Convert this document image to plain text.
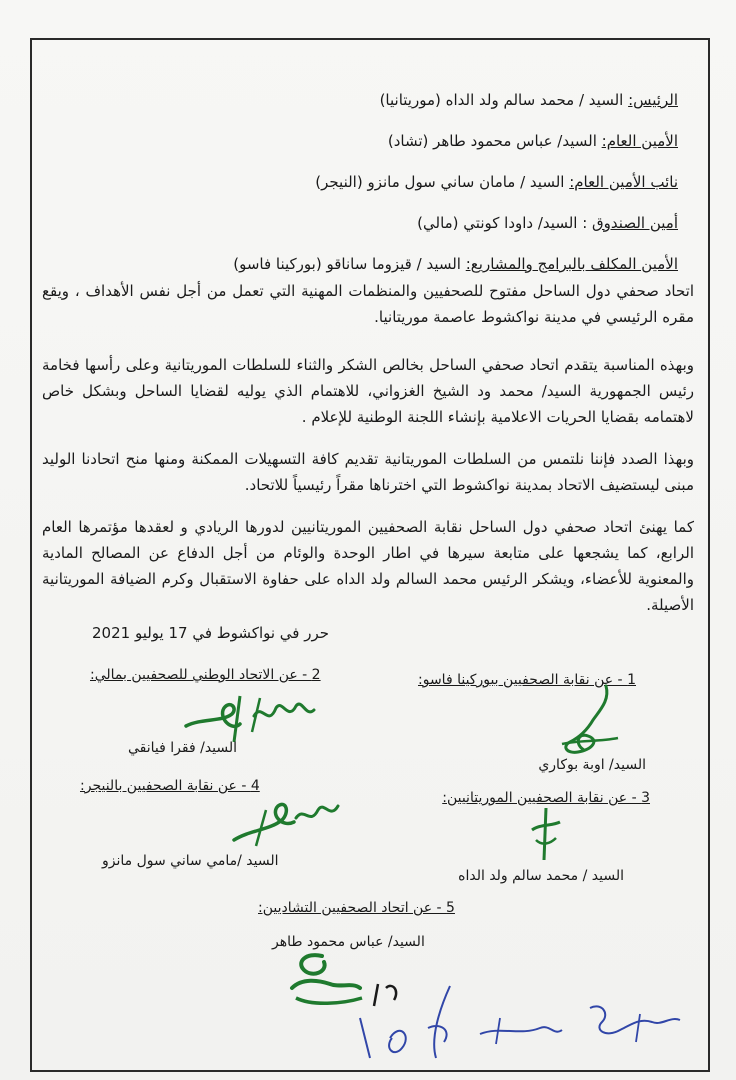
الرئيس: السيد / محمد سالم ولد الداه (موريتانيا)
الأمين العام: السيد/ عباس محمود طاهر (تشاد)
نائب الأمين العام: السيد / مامان ساني سول مانزو (النيجر)
أمين الصندوق : السيد/ داودا كونتي (مالي)
الأمين المكلف بالبرامج والمشاريع: السيد / قيزوما ساناقو (بوركينا فاسو)

اتحاد صحفي دول الساحل مفتوح للصحفيين والمنظمات المهنية التي تعمل من أجل نفس الأهداف ، ويقع مقره الرئيسي في مدينة نواكشوط عاصمة موريتانيا.

وبهذه المناسبة يتقدم اتحاد صحفي الساحل بخالص الشكر والثناء للسلطات الموريتانية وعلى رأسها فخامة رئيس الجمهورية السيد/ محمد ود الشيخ الغزواني، للاهتمام الذي يوليه لقضايا الساحل وبشكل خاص لاهتمامه بقضايا الحريات الاعلامية بإنشاء اللجنة الوطنية للإعلام .

وبهذا الصدد فإننا نلتمس من السلطات الموريتانية تقديم كافة التسهيلات الممكنة ومنها منح اتحادنا الوليد مبنى ليستضيف الاتحاد بمدينة نواكشوط التي اخترناها مقراً رئيسياً للاتحاد.

كما يهنئ اتحاد صحفي دول الساحل نقابة الصحفيين الموريتانيين لدورها الريادي و لعقدها مؤتمرها العام الرابع، كما يشجعها على متابعة سيرها في اطار الوحدة والوئام من أجل الدفاع عن المصالح المادية والمعنوية للأعضاء، ويشكر الرئيس محمد السالم ولد الداه على حفاوة الاستقبال وكرم الضيافة الموريتانية الأصيلة.

حرر في نواكشوط في 17 يوليو 2021
1 - عن نقابة الصحفيين ببوركينا فاسو:
السيد/ اوبة بوكاري
2 - عن الاتحاد الوطني للصحفيين بمالي:
السيد/ فقرا فيانقي
3 - عن نقابة الصحفيين الموريتانيين:
السيد / محمد سالم ولد الداه
4 - عن نقابة الصحفيين بالنيجر:
السيد /مامي ساني سول مانزو
5 - عن اتحاد الصحفيين التشاديين:
السيد/ عباس محمود طاهر
